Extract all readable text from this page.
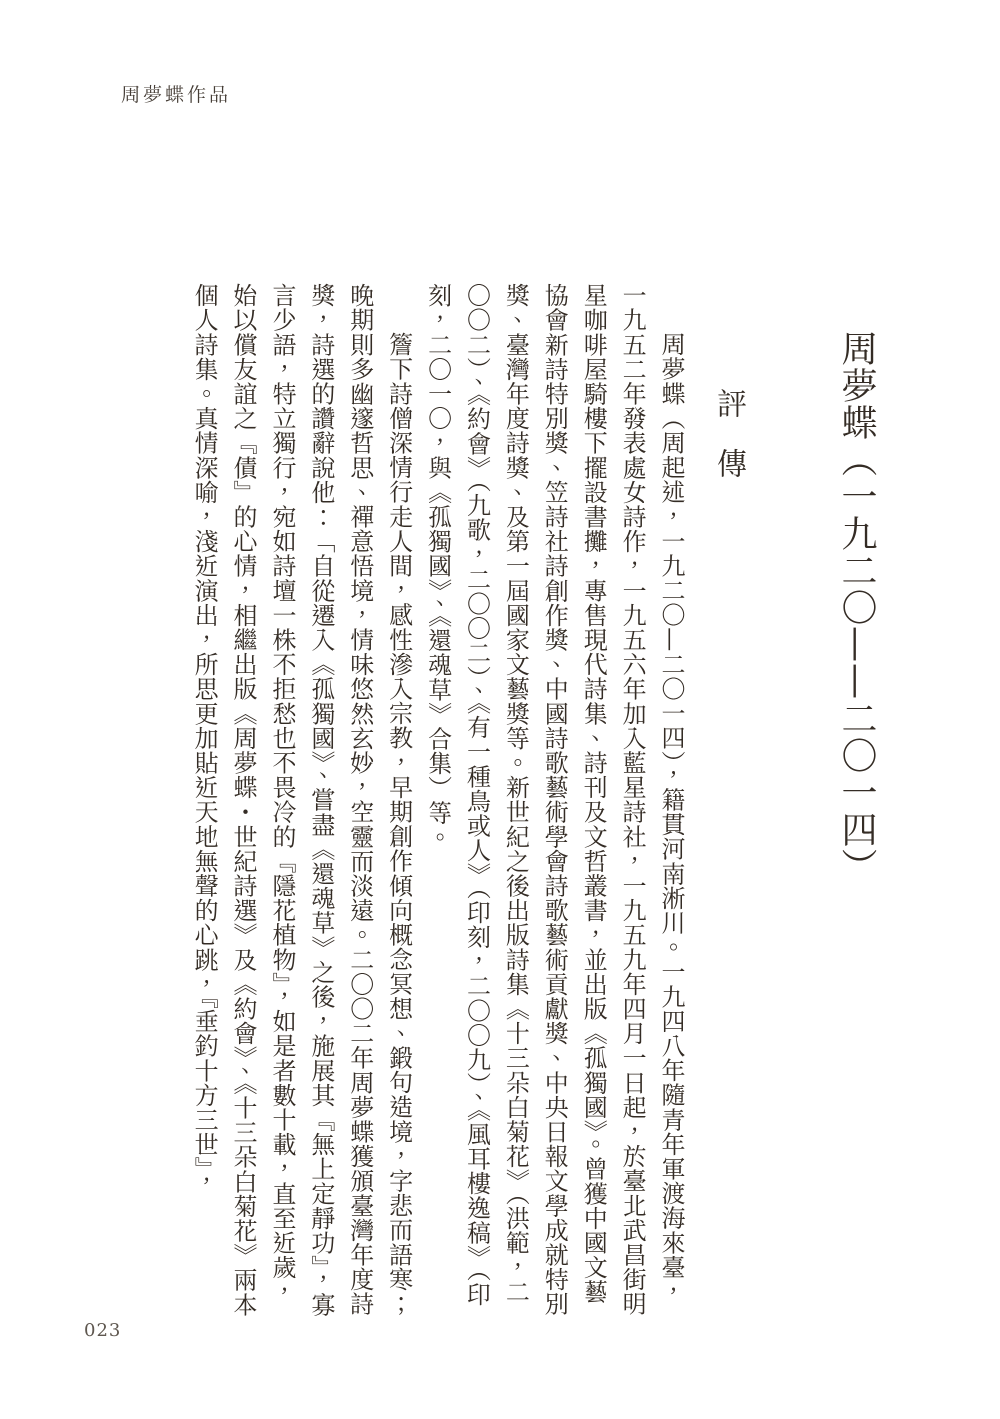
周夢蝶作品
周夢蝶（一九二〇——二〇一四）
評傳

周夢蝶（周起述，一九二〇—二〇一四），籍貫河南淅川。一九四八年隨青年軍渡海來臺，一九五二年發表處女詩作，一九五六年加入藍星詩社，一九五九年四月一日起，於臺北武昌街明星咖啡屋騎樓下擺設書攤，專售現代詩集、詩刊及文哲叢書，並出版《孤獨國》。曾獲中國文藝協會新詩特別獎、笠詩社詩創作獎、中國詩歌藝術學會詩歌藝術貢獻獎、中央日報文學成就特別獎、臺灣年度詩獎、及第一屆國家文藝獎等。新世紀之後出版詩集《十三朵白菊花》（洪範，二〇〇二）、《約會》（九歌，二〇〇二）、《有一種鳥或人》（印刻，二〇〇九）、《風耳樓逸稿》（印刻，二〇一〇，與《孤獨國》、《還魂草》合集）等。

簷下詩僧深情行走人間，感性滲入宗教，早期創作傾向概念冥想、鍛句造境，字悲而語寒；晚期則多幽邃哲思、禪意悟境，情味悠然玄妙，空靈而淡遠。二〇〇二年周夢蝶獲頒臺灣年度詩獎，詩選的讚辭說他：「自從遷入《孤獨國》、嘗盡《還魂草》之後，施展其『無上定靜功』，寡言少語，特立獨行，宛如詩壇一株不拒愁也不畏冷的『隱花植物』，如是者數十載，直至近歲，始以償友誼之『債』的心情，相繼出版《周夢蝶・世紀詩選》及《約會》、《十三朵白菊花》兩本個人詩集。真情深喻，淺近演出，所思更加貼近天地無聲的心跳，『垂釣十方三世』，

023
